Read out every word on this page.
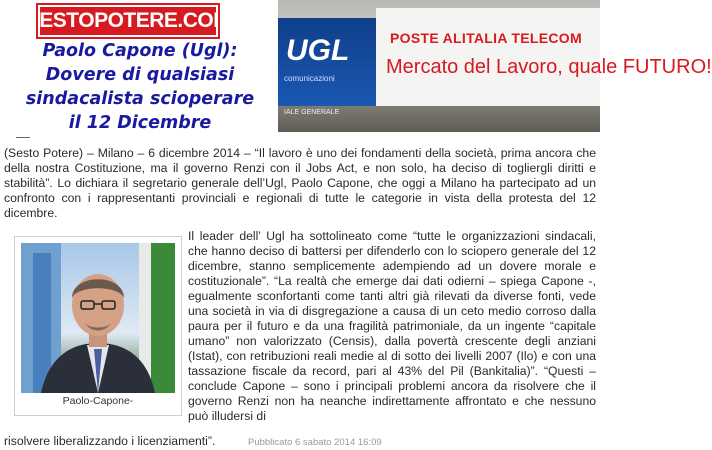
SESTOPOTERE.COM
Paolo Capone (Ugl):
Dovere di qualsiasi
sindacalista scioperare
il 12 Dicembre
POSTE ALITALIA TELECOM
Mercato del Lavoro, quale FUTURO!
UGL
comunicazioni
IALE GENERALE
(Sesto Potere) – Milano – 6 dicembre 2014 – “Il lavoro è uno dei fondamenti della società, prima ancora che della nostra Costituzione, ma il governo Renzi con il Jobs Act, e non solo, ha deciso di togliergli diritti e stabilità”. Lo dichiara il segretario generale dell’Ugl, Paolo Capone, che oggi a Milano ha partecipato ad un confronto con i rappresentanti provinciali e regionali di tutte le categorie in vista della protesta del 12 dicembre.
Paolo-Capone-
Il leader dell’ Ugl ha sottolineato come “tutte le organizzazioni sindacali, che hanno deciso di battersi per difenderlo con lo sciopero generale del 12 dicembre, stanno semplicemente adempiendo ad un dovere morale e costituzionale”. “La realtà che emerge dai dati odierni – spiega Capone -, egualmente sconfortanti come tanti altri già rilevati da diverse fonti, vede una società in via di disgregazione a causa di un ceto medio corroso dalla paura per il futuro e da una fragilità patrimoniale, da un ingente “capitale umano” non valorizzato (Censis), dalla povertà crescente degli anziani (Istat), con retribuzioni reali medie al di sotto dei livelli 2007 (Ilo) e con una tassazione fiscale da record, pari al 43% del Pil (Bankitalia)”. “Questi – conclude Capone – sono i principali problemi ancora da risolvere che il governo Renzi non ha neanche indirettamente affrontato e che nessuno può illudersi di
risolvere liberalizzando i licenziamenti”.	Pubblicato 6 sabato 2014 16:09
